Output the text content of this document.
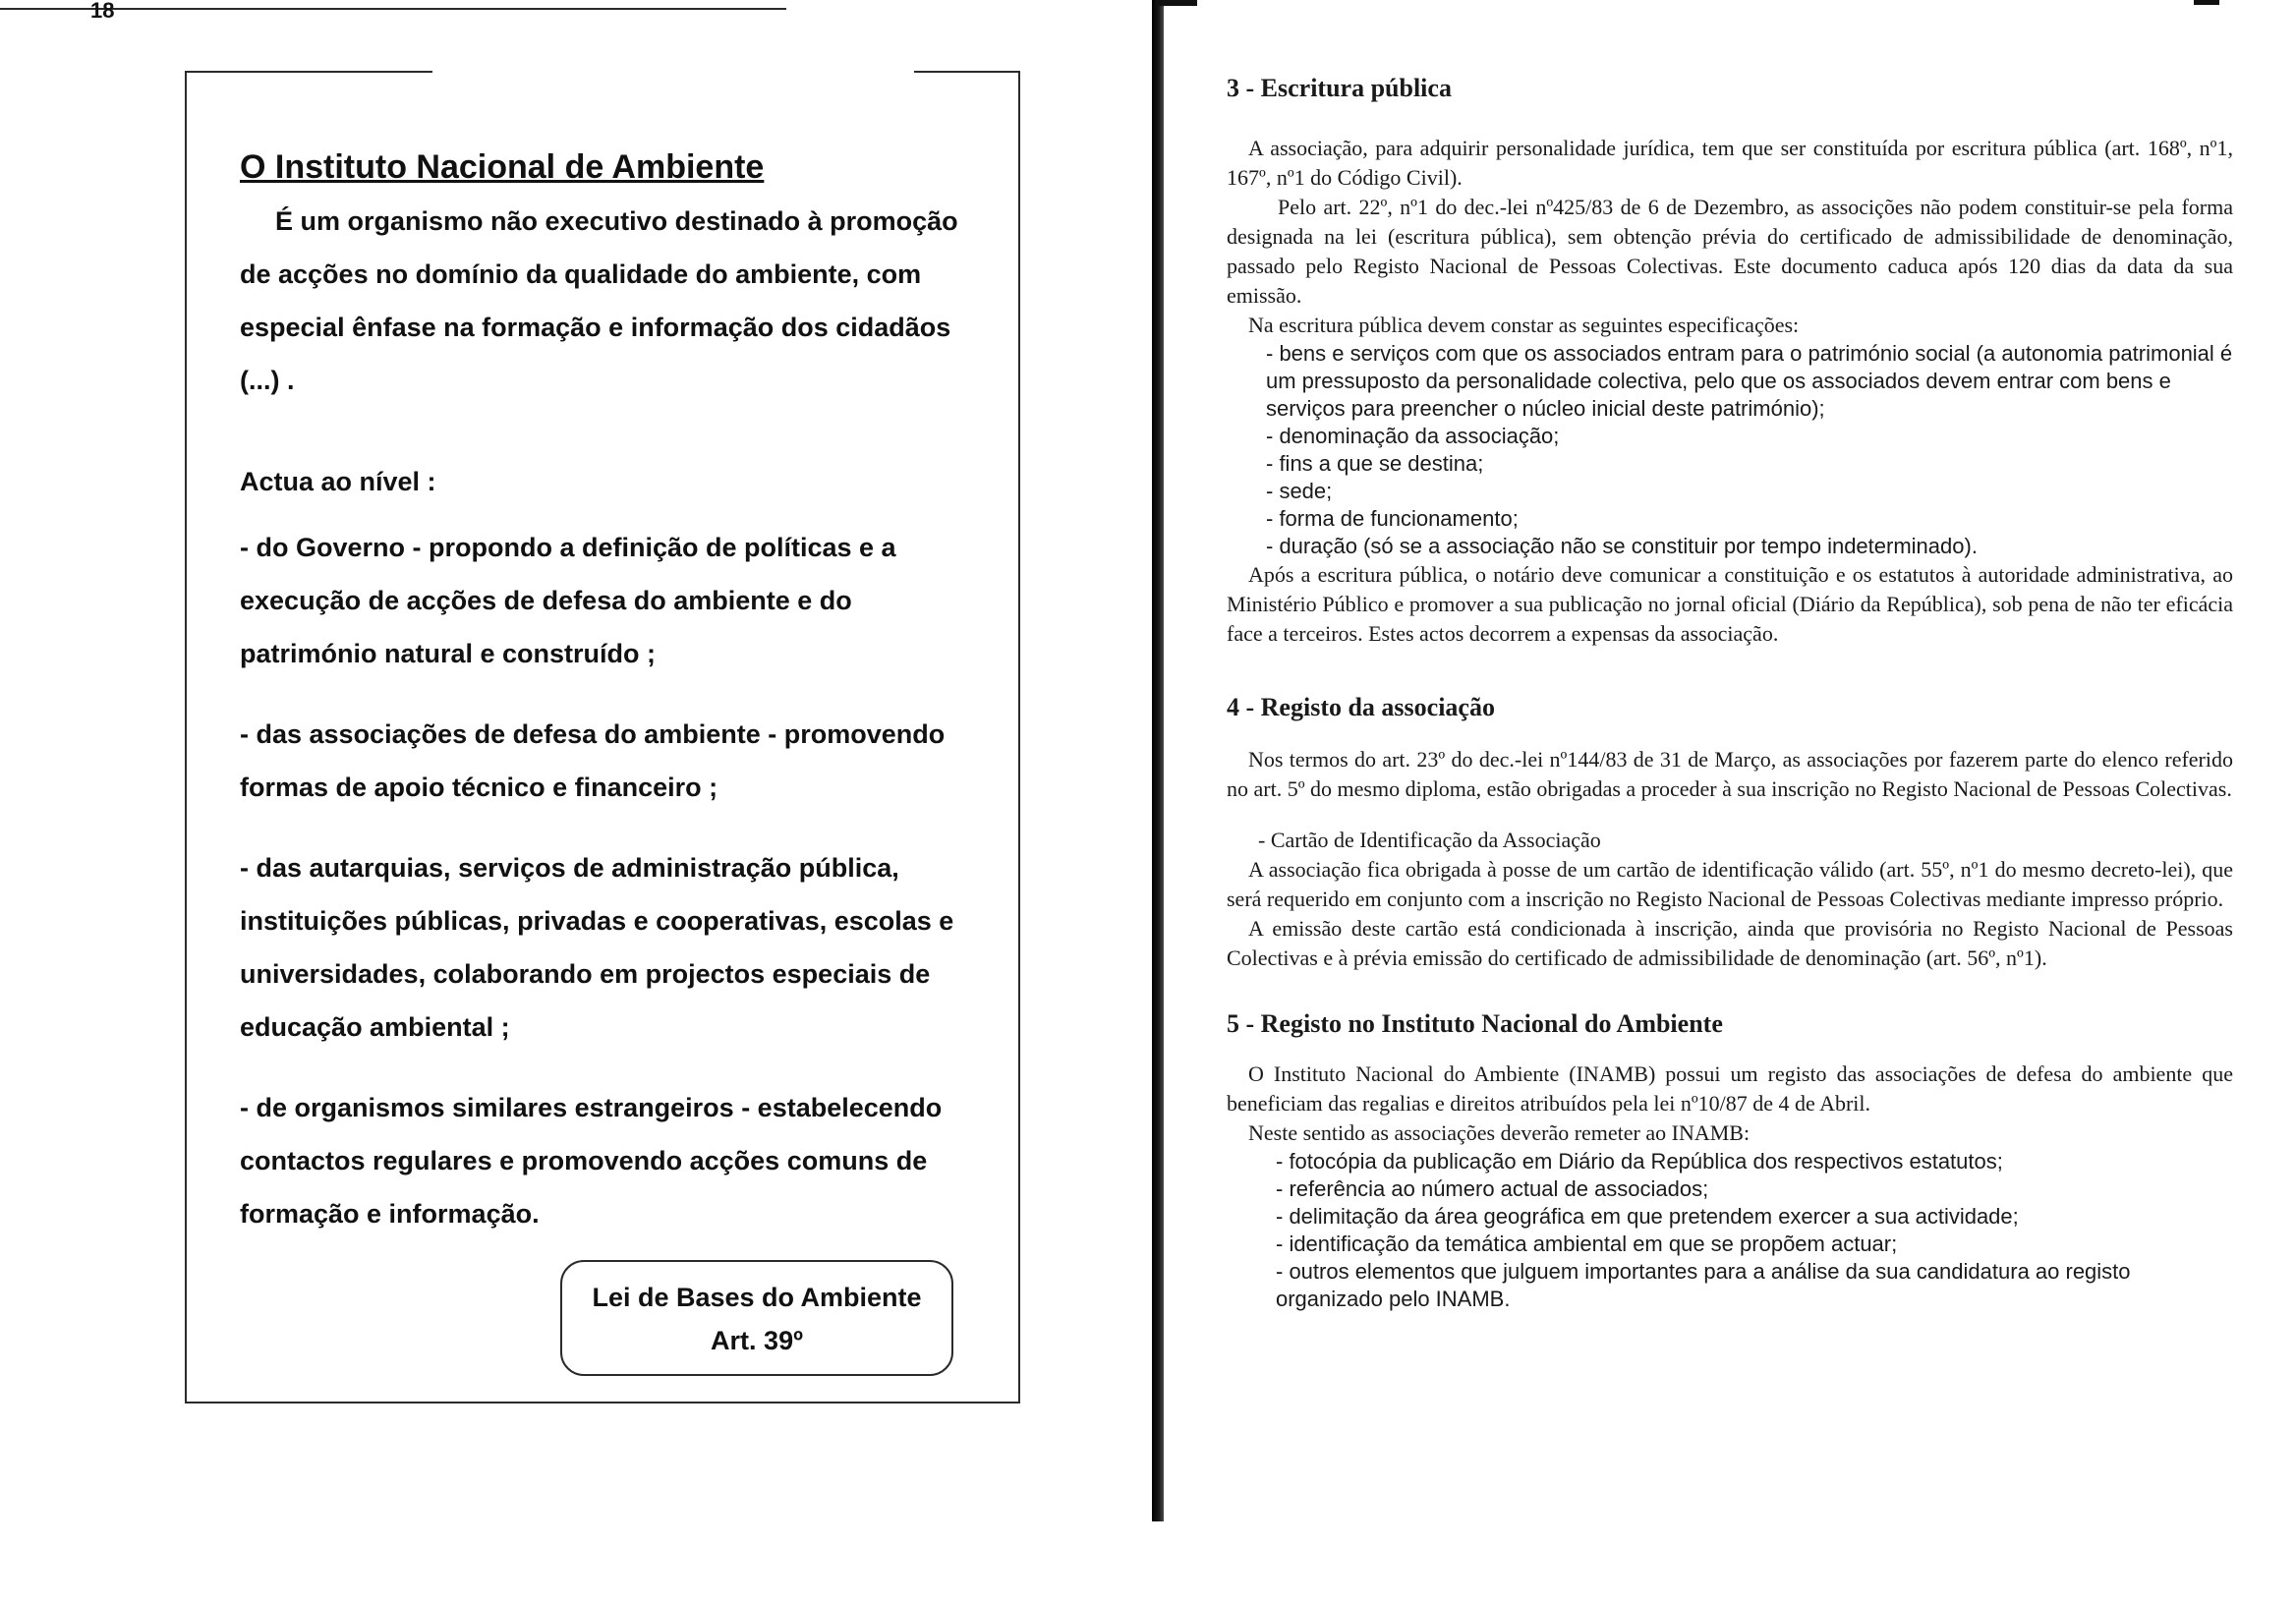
18

O Instituto Nacional de Ambiente

É um organismo não executivo destinado à promoção de acções no domínio da qualidade do ambiente, com especial ênfase na formação e informação dos cidadãos (...) .

Actua ao nível :

- do Governo - propondo a definição de políticas e a execução de acções de defesa do ambiente e do património natural e construído ;

- das associações de defesa do ambiente - promovendo formas de apoio técnico e financeiro ;

- das autarquias, serviços de administração pública, instituições públicas, privadas e cooperativas, escolas e universidades, colaborando em projectos especiais de educação ambiental ;

- de organismos similares estrangeiros - estabelecendo contactos regulares e promovendo acções comuns de formação e informação.

Lei de Bases do Ambiente
Art. 39º
3 - Escritura pública

A associação, para adquirir personalidade jurídica, tem que ser constituída por escritura pública (art. 168º, nº1, 167º, nº1 do Código Civil).

Pelo art. 22º, nº1 do dec.-lei nº425/83 de 6 de Dezembro, as associções não podem constituir-se pela forma designada na lei (escritura pública), sem obtenção prévia do certificado de admissibilidade de denominação, passado pelo Registo Nacional de Pessoas Colectivas. Este documento caduca após 120 dias da data da sua emissão.

Na escritura pública devem constar as seguintes especificações:

- bens e serviços com que os associados entram para o património social (a autonomia patrimonial é um pressuposto da personalidade colectiva, pelo que os associados devem entrar com bens e serviços para preencher o núcleo inicial deste património);

- denominação da associação;

- fins a que se destina;

- sede;

- forma de funcionamento;

- duração (só se a associação não se constituir por tempo indeterminado).

Após a escritura pública, o notário deve comunicar a constituição e os estatutos à autoridade administrativa, ao Ministério Público e promover a sua publicação no jornal oficial (Diário da República), sob pena de não ter eficácia face a terceiros. Estes actos decorrem a expensas da associação.

4 - Registo da associação

Nos termos do art. 23º do dec.-lei nº144/83 de 31 de Março, as associações por fazerem parte do elenco referido no art. 5º do mesmo diploma, estão obrigadas a proceder à sua inscrição no Registo Nacional de Pessoas Colectivas.

- Cartão de Identificação da Associação

A associação fica obrigada à posse de um cartão de identificação válido (art. 55º, nº1 do mesmo decreto-lei), que será requerido em conjunto com a inscrição no Registo Nacional de Pessoas Colectivas mediante impresso próprio.

A emissão deste cartão está condicionada à inscrição, ainda que provisória no Registo Nacional de Pessoas Colectivas e à prévia emissão do certificado de admissibilidade de denominação (art. 56º, nº1).

5 - Registo no Instituto Nacional do Ambiente

O Instituto Nacional do Ambiente (INAMB) possui um registo das associações de defesa do ambiente que beneficiam das regalias e direitos atribuídos pela lei nº10/87 de 4 de Abril.

Neste sentido as associações deverão remeter ao INAMB:

- fotocópia da publicação em Diário da República dos respectivos estatutos;

- referência ao número actual de associados;

- delimitação da área geográfica em que pretendem exercer a sua actividade;

- identificação da temática ambiental em que se propõem actuar;

- outros elementos que julguem importantes para a análise da sua candidatura ao registo organizado pelo INAMB.
